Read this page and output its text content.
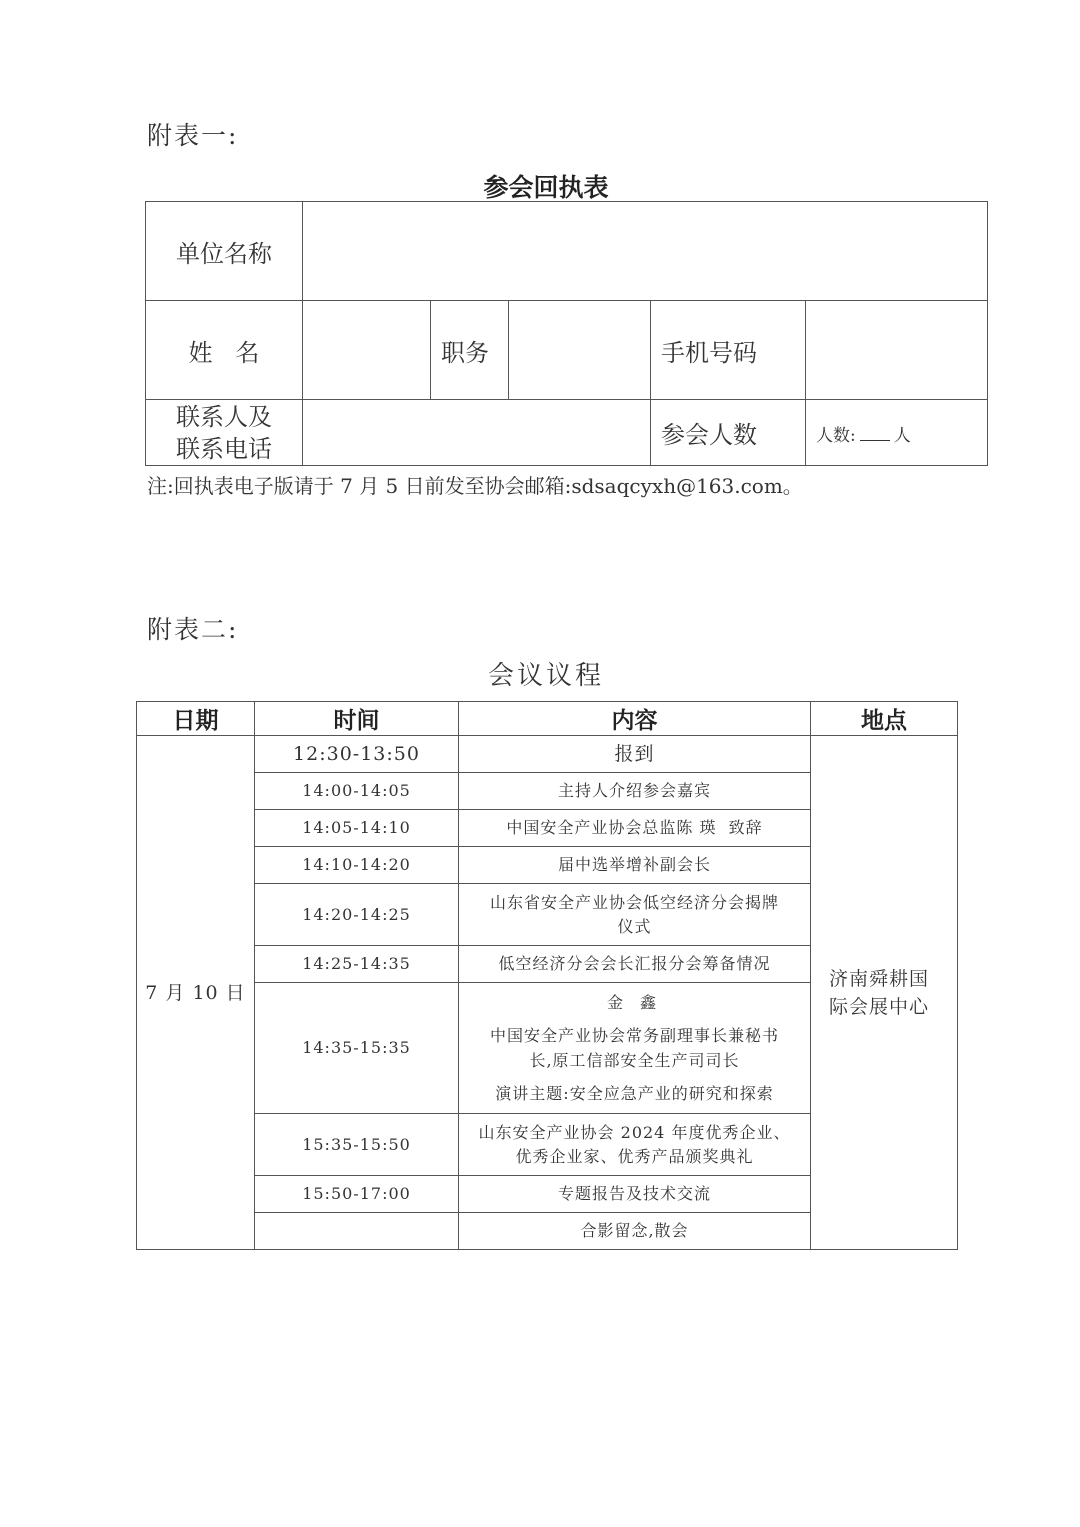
附表一:
参会回执表
单位名称					
姓   名		职务		手机号码	

联系人及
联系电话				参会人数	人数: 人
注:回执表电子版请于 7 月 5 日前发至协会邮箱:sdsaqcyxh@163.com。
附表二:
会议议程
日期	时间	内容	地点
7 月 10 日	12:30-13:50	报到	济南舜耕国
际会展中心

	14:00-14:05	主持人介绍参会嘉宾	
	14:05-14:10	中国安全产业协会总监陈 瑛  致辞	
	14:10-14:20	届中选举增补副会长	
	14:20-14:25	山东省安全产业协会低空经济分会揭牌
仪式	

	14:25-14:35	低空经济分会会长汇报分会筹备情况	
	14:35-15:35	金 鑫
中国安全产业协会常务副理事长兼秘书
长,原工信部安全生产司司长
演讲主题:安全应急产业的研究和探索	

	15:35-15:50	山东安全产业协会 2024 年度优秀企业、
优秀企业家、优秀产品颁奖典礼	

	15:50-17:00	专题报告及技术交流	
		合影留念,散会	
